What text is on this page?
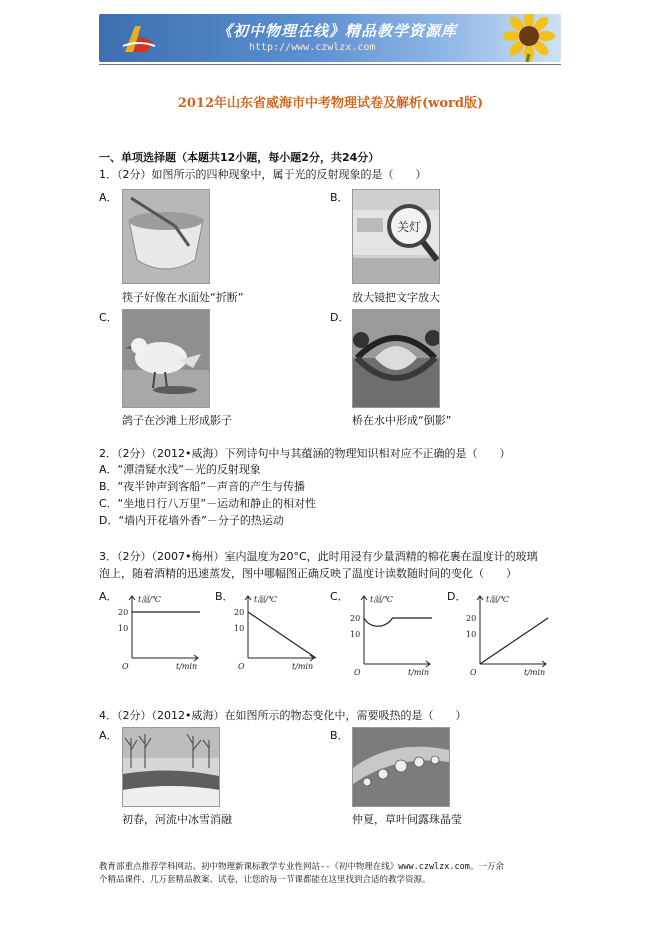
《初中物理在线》精品教学资源库
http://www.czwlzx.com
2012年山东省威海市中考物理试卷及解析(word版)
一、单项选择题（本题共12小题，每小题2分，共24分）
1．（2分）如图所示的四种现象中，属于光的反射现象的是（　　）
A．
筷子好像在水面处“折断”
B．
关灯
放大镜把文字放大
C．
鸽子在沙滩上形成影子
D．
桥在水中形成“倒影”
2．（2分）（2012•威海）下列诗句中与其蕴涵的物理知识相对应不正确的是（　　）
A．“潭清疑水浅”－光的反射现象
B．“夜半钟声到客船”－声音的产生与传播
C．“坐地日行八万里”－运动和静止的相对性
D．“墙内开花墙外香”－分子的热运动
3．（2分）（2007•梅州）室内温度为20°C，此时用浸有少量酒精的棉花裹在温度计的玻璃
泡上，随着酒精的迅速蒸发，图中哪幅图正确反映了温度计读数随时间的变化（　　）
A．	B．	C．	D．
t温/℃
t/min
O
20
10
t温/℃
t/min
O
20
10
t温/℃
t/min
O
20
10
t温/℃
t/min
O
20
10
4．（2分）（2012•威海）在如图所示的物态变化中，需要吸热的是（　　）
A．
初春，河流中冰雪消融
B．
仲夏，草叶间露珠晶莹
教育部重点推荐学科网站、初中物理新课标教学专业性网站--《初中物理在线》www.czwlzx.com。一万余
个精品课件、几万套精品教案、试卷，让您的每一节课都能在这里找到合适的教学资源。
